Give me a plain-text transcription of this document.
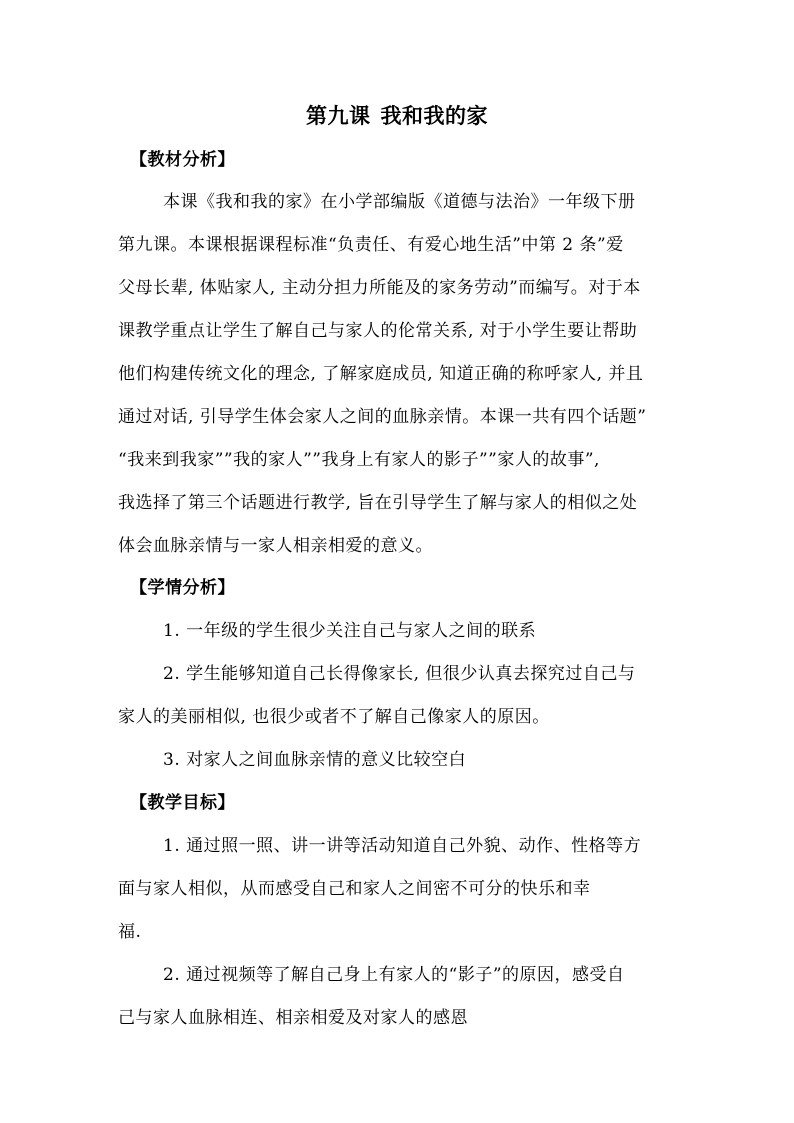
第九课 我和我的家
【教材分析】
本课《我和我的家》在小学部编版《道德与法治》一年级下册
第九课。本课根据课程标准“负责任、有爱心地生活”中第 2 条”爱
父母长辈, 体贴家人, 主动分担力所能及的家务劳动”而编写。对于本
课教学重点让学生了解自己与家人的伦常关系, 对于小学生要让帮助
他们构建传统文化的理念, 了解家庭成员, 知道正确的称呼家人, 并且
通过对话, 引导学生体会家人之间的血脉亲情。本课一共有四个话题”
“我来到我家””我的家人””我身上有家人的影子””家人的故事”,
我选择了第三个话题进行教学, 旨在引导学生了解与家人的相似之处
体会血脉亲情与一家人相亲相爱的意义。
【学情分析】
1. 一年级的学生很少关注自己与家人之间的联系
2. 学生能够知道自己长得像家长, 但很少认真去探究过自己与
家人的美丽相似, 也很少或者不了解自己像家人的原因。
3. 对家人之间血脉亲情的意义比较空白
【教学目标】
1. 通过照一照、讲一讲等活动知道自己外貌、动作、性格等方
面与家人相似，从而感受自己和家人之间密不可分的快乐和幸
福.
2. 通过视频等了解自己身上有家人的“影子”的原因，感受自
己与家人血脉相连、相亲相爱及对家人的感恩
